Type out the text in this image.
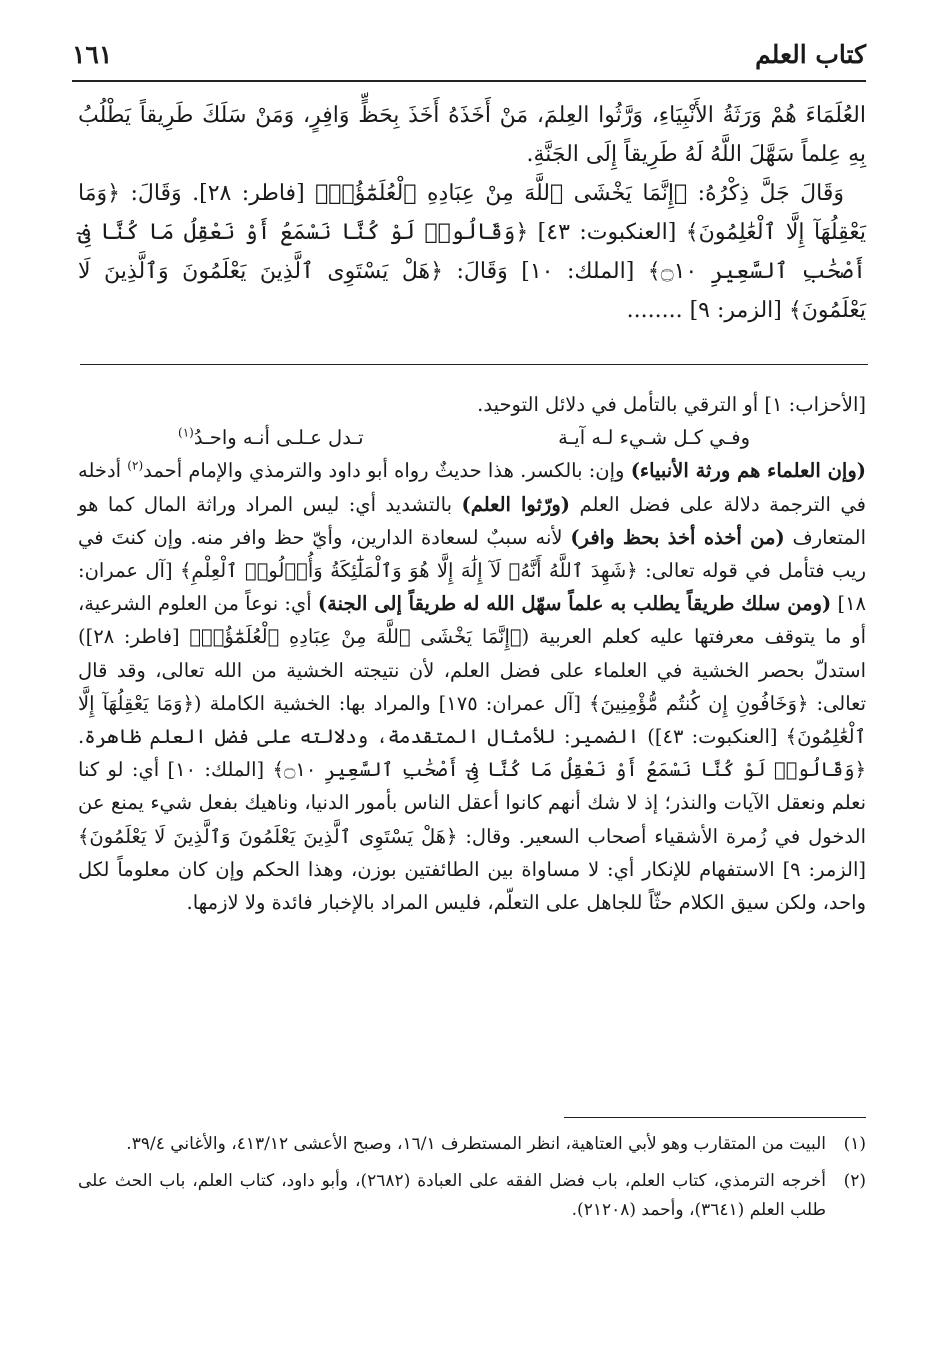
كتاب العلم
١٦١

العُلَمَاءَ هُمْ وَرَثَةُ الأَنْبِيَاءِ، وَرَّثُوا العِلمَ، مَنْ أَخَذَهُ أَخَذَ بِحَظٍّ وَافِرٍ، وَمَنْ سَلَكَ طَرِيقاً يَطْلُبُ بِهِ عِلماً سَهَّلَ اللَّهُ لَهُ طَرِيقاً إِلَى الجَنَّةِ.

وَقَالَ جَلَّ ذِكْرُهُ: ﴿إِنَّمَا يَخْشَى ٱللَّهَ مِنْ عِبَادِهِ ٱلْعُلَمَٰٓؤُا۟﴾ [فاطر: ٢٨]. وَقَالَ: ﴿وَمَا يَعْقِلُهَآ إِلَّا ٱلْعَٰلِمُونَ﴾ [العنكبوت: ٤٣] ﴿وَقَالُوا۟ لَوْ كُنَّا نَسْمَعُ أَوْ نَعْقِلُ مَا كُنَّا فِىٓ أَصْحَٰبِ ٱلسَّعِيرِ ۝١٠﴾ [الملك: ١٠] وَقَالَ: ﴿هَلْ يَسْتَوِى ٱلَّذِينَ يَعْلَمُونَ وَٱلَّذِينَ لَا يَعْلَمُونَ﴾ [الزمر: ٩] ........

[الأحزاب: ١] أو الترقي بالتأمل في دلائل التوحيد.

وفـي كـل شـيء لـه آيـة
تـدل عـلـى أنـه واحـدُ$^{(١)}$

(وإن العلماء هم ورثة الأنبياء) وإن: بالكسر. هذا حديثٌ رواه أبو داود والترمذي والإمام أحمد$^{(٢)}$ أدخله في الترجمة دلالة على فضل العلم (ورّثوا العلم) بالتشديد أي: ليس المراد وراثة المال كما هو المتعارف (من أخذه أخذ بحظ وافر) لأنه سببٌ لسعادة الدارين، وأيّ حظ وافر منه. وإن كنتَ في ريب فتأمل في قوله تعالى: ﴿شَهِدَ ٱللَّهُ أَنَّهُۥ لَآ إِلَٰهَ إِلَّا هُوَ وَٱلْمَلَٰٓئِكَةُ وَأُو۟لُوا۟ ٱلْعِلْمِ﴾ [آل عمران: ١٨] (ومن سلك طريقاً يطلب به علماً سهّل الله له طريقاً إلى الجنة) أي: نوعاً من العلوم الشرعية، أو ما يتوقف معرفتها عليه كعلم العربية (﴿إِنَّمَا يَخْشَى ٱللَّهَ مِنْ عِبَادِهِ ٱلْعُلَمَٰٓؤُا۟﴾ [فاطر: ٢٨]) استدلّ بحصر الخشية في العلماء على فضل العلم، لأن نتيجته الخشية من الله تعالى، وقد قال تعالى: ﴿وَخَافُونِ إِن كُنتُم مُّؤْمِنِينَ﴾ [آل عمران: ١٧٥] والمراد بها: الخشية الكاملة (﴿وَمَا يَعْقِلُهَآ إِلَّا ٱلْعَٰلِمُونَ﴾ [العنكبوت: ٤٣]) الضمير: للأمثال المتقدمة، ودلالته على فضل العلم ظاهرة. ﴿وَقَالُوا۟ لَوْ كُنَّا نَسْمَعُ أَوْ نَعْقِلُ مَا كُنَّا فِىٓ أَصْحَٰبِ ٱلسَّعِيرِ ۝١٠﴾ [الملك: ١٠] أي: لو كنا نعلم ونعقل الآيات والنذر؛ إذ لا شك أنهم كانوا أعقل الناس بأمور الدنيا، وناهيك بفعل شيء يمنع عن الدخول في زُمرة الأشقياء أصحاب السعير. وقال: ﴿هَلْ يَسْتَوِى ٱلَّذِينَ يَعْلَمُونَ وَٱلَّذِينَ لَا يَعْلَمُونَ﴾ [الزمر: ٩] الاستفهام للإنكار أي: لا مساواة بين الطائفتين بوزن، وهذا الحكم وإن كان معلوماً لكل واحد، ولكن سيق الكلام حثّاً للجاهل على التعلّم، فليس المراد بالإخبار فائدة ولا لازمها.

(١)
البيت من المتقارب وهو لأبي العتاهية، انظر المستطرف ١٦/١، وصبح الأعشى ٤١٣/١٢، والأغاني ٣٩/٤.
(٢)
أخرجه الترمذي، كتاب العلم، باب فضل الفقه على العبادة (٢٦٨٢)، وأبو داود، كتاب العلم، باب الحث على طلب العلم (٣٦٤١)، وأحمد (٢١٢٠٨).
